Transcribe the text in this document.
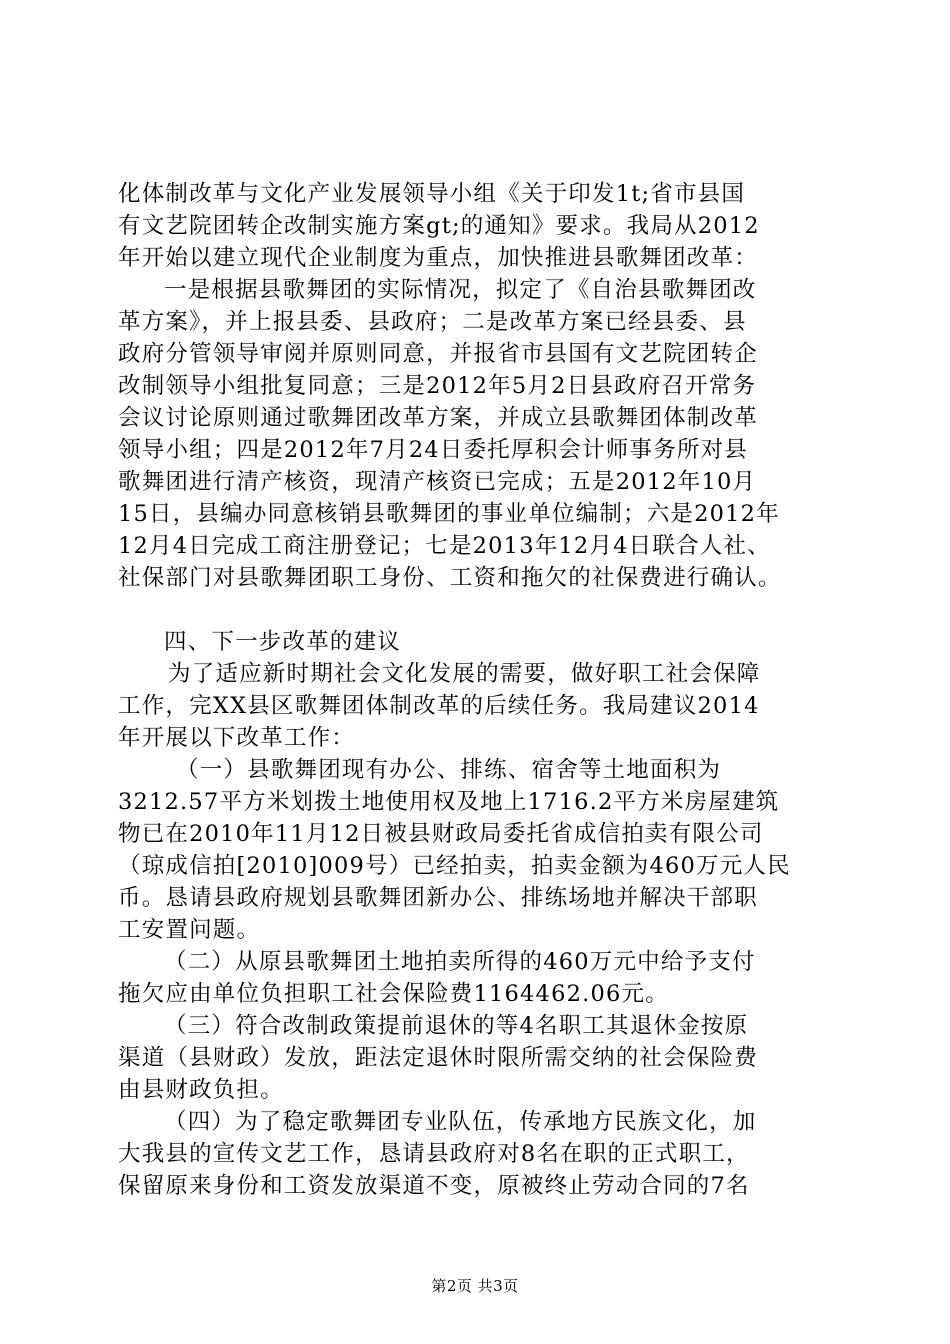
化体制改革与文化产业发展领导小组《关于印发1t;省市县国
有文艺院团转企改制实施方案gt;的通知》要求。我局从2012
年开始以建立现代企业制度为重点，加快推进县歌舞团改革：
一是根据县歌舞团的实际情况，拟定了《自治县歌舞团改
革方案》，并上报县委、县政府；二是改革方案已经县委、县
政府分管领导审阅并原则同意，并报省市县国有文艺院团转企
改制领导小组批复同意；三是2012年5月2日县政府召开常务
会议讨论原则通过歌舞团改革方案，并成立县歌舞团体制改革
领导小组；四是2012年7月24日委托厚积会计师事务所对县
歌舞团进行清产核资，现清产核资已完成；五是2012年10月
15日，县编办同意核销县歌舞团的事业单位编制；六是2012年
12月4日完成工商注册登记；七是2013年12月4日联合人社、
社保部门对县歌舞团职工身份、工资和拖欠的社保费进行确认。
四、下一步改革的建议
为了适应新时期社会文化发展的需要，做好职工社会保障
工作，完XX县区歌舞团体制改革的后续任务。我局建议2014
年开展以下改革工作：
（一）县歌舞团现有办公、排练、宿舍等土地面积为
3212.57平方米划拨土地使用权及地上1716.2平方米房屋建筑
物已在2010年11月12日被县财政局委托省成信拍卖有限公司
（琼成信拍[2010]009号）已经拍卖，拍卖金额为460万元人民
币。恳请县政府规划县歌舞团新办公、排练场地并解决干部职
工安置问题。
（二）从原县歌舞团土地拍卖所得的460万元中给予支付
拖欠应由单位负担职工社会保险费1164462.06元。
（三）符合改制政策提前退休的等4名职工其退休金按原
渠道（县财政）发放，距法定退休时限所需交纳的社会保险费
由县财政负担。
（四）为了稳定歌舞团专业队伍，传承地方民族文化，加
大我县的宣传文艺工作，恳请县政府对8名在职的正式职工，
保留原来身份和工资发放渠道不变，原被终止劳动合同的7名
第2页 共3页
